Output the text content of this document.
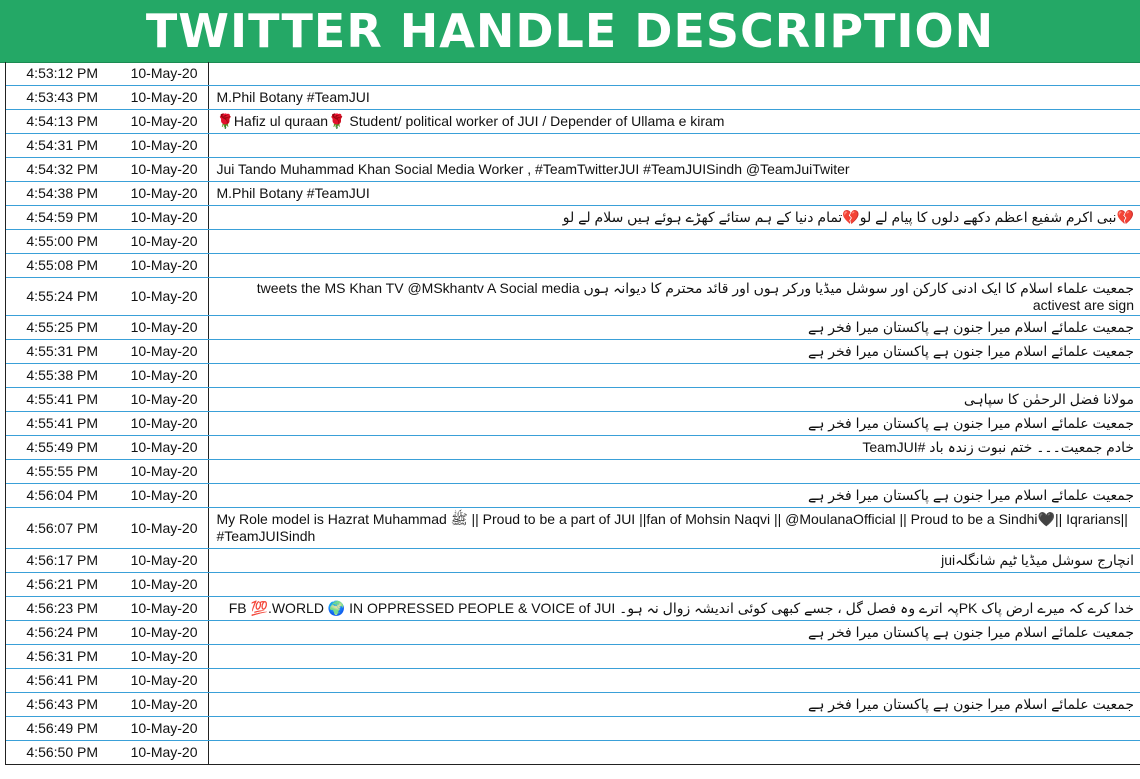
TWITTER HANDLE DESCRIPTION
4:53:12 PM	10-May-20	
4:53:43 PM	10-May-20	M.Phil Botany #TeamJUI
4:54:13 PM	10-May-20	🌹Hafiz ul quraan🌹 Student/ political worker of JUI / Depender of Ullama e kiram
4:54:31 PM	10-May-20	
4:54:32 PM	10-May-20	Jui Tando Muhammad Khan Social Media Worker , #TeamTwitterJUI #TeamJUISindh @TeamJuiTwiter
4:54:38 PM	10-May-20	M.Phil Botany #TeamJUI
4:54:59 PM	10-May-20	💔نبی اکرم شفیع اعظم دکھے دلوں کا پیام لے لو💔تمام دنیا کے ہم ستائے کھڑے ہوئے ہیں سلام لے لو
4:55:00 PM	10-May-20	
4:55:08 PM	10-May-20	
4:55:24 PM	10-May-20	جمعیت علماء اسلام کا ایک ادنی کارکن اور سوشل میڈیا ورکر ہوں اور قائد محترم کا دیوانہ ہوں tweets the MS Khan TV @MSkhantv A Social media activest are sign
4:55:25 PM	10-May-20	جمعیت علمائے اسلام میرا جنون ہے پاکستان میرا فخر ہے
4:55:31 PM	10-May-20	جمعیت علمائے اسلام میرا جنون ہے پاکستان میرا فخر ہے
4:55:38 PM	10-May-20	
4:55:41 PM	10-May-20	مولانا فضل الرحمٰن کا سپاہی
4:55:41 PM	10-May-20	جمعیت علمائے اسلام میرا جنون ہے پاکستان میرا فخر ہے
4:55:49 PM	10-May-20	خادم جمعیت۔۔۔ ختم نبوت زندہ باد #TeamJUI
4:55:55 PM	10-May-20	
4:56:04 PM	10-May-20	جمعیت علمائے اسلام میرا جنون ہے پاکستان میرا فخر ہے
4:56:07 PM	10-May-20	My Role model is Hazrat Muhammad ﷺ || Proud to be a part of JUI ||fan of Mohsin Naqvi || @MoulanaOfficial || Proud to be a Sindhi🖤|| Iqrarians|| #TeamJUISindh
4:56:17 PM	10-May-20	انچارج سوشل میڈیا ٹیم شانگلہjui
4:56:21 PM	10-May-20	
4:56:23 PM	10-May-20	خدا کرے کہ میرے ارض پاک PKپہ اترے وہ فصل گل ، جسے کبھی کوئی اندیشہ زوال نہ ہو۔ FB 💯.WORLD 🌍 IN OPPRESSED PEOPLE & VOICE of JUI
4:56:24 PM	10-May-20	جمعیت علمائے اسلام میرا جنون ہے پاکستان میرا فخر ہے
4:56:31 PM	10-May-20	
4:56:41 PM	10-May-20	
4:56:43 PM	10-May-20	جمعیت علمائے اسلام میرا جنون ہے پاکستان میرا فخر ہے
4:56:49 PM	10-May-20	
4:56:50 PM	10-May-20	
